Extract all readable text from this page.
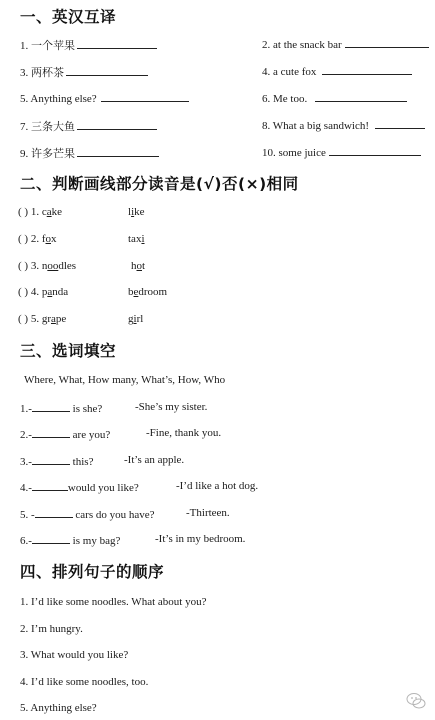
一、英汉互译
1. 一个苹果	2. at the snack bar
3. 两杯茶	4. a cute fox
5. Anything else?	6. Me too.
7. 三条大鱼	8. What a big sandwich!
9. 许多芒果	10. some juice
二、判断画线部分读音是(√)否(×)相同
( ) 1. cake	like
( ) 2. fox	taxi
( ) 3. noodles	hot
( ) 4. panda	bedroom
( ) 5. grape	girl
三、选词填空
Where, What, How many, What’s, How, Who
1.-	is she?	-She’s my sister.
2.-	are you?	-Fine, thank you.
3.-	this?	-It’s an apple.
4.-	would you like?	-I’d like a hot dog.
5. -	cars do you have?	-Thirteen.
6.-	is my bag?	-It’s in my bedroom.
四、排列句子的顺序
1. I’d like some noodles. What about you?
2. I’m hungry.
3. What would you like?
4. I’d like some noodles, too.
5. Anything else?
